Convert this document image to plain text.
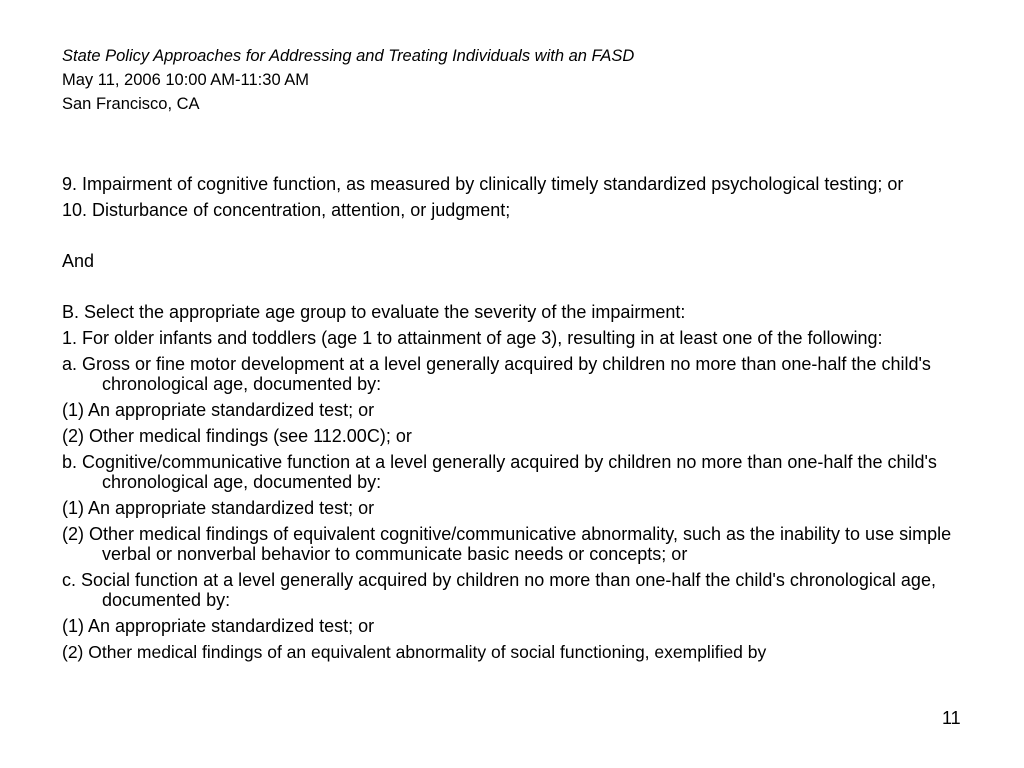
State Policy Approaches for Addressing and Treating Individuals with an FASD
May 11, 2006 10:00 AM-11:30 AM
San Francisco, CA

9. Impairment of cognitive function, as measured by clinically timely standardized psychological testing; or

10. Disturbance of concentration, attention, or judgment;

And

B. Select the appropriate age group to evaluate the severity of the impairment:

1. For older infants and toddlers (age 1 to attainment of age 3), resulting in at least one of the following:

a. Gross or fine motor development at a level generally acquired by children no more than one-half the child's chronological age, documented by:

(1) An appropriate standardized test; or

(2) Other medical findings (see 112.00C); or

b. Cognitive/communicative function at a level generally acquired by children no more than one-half the child's chronological age, documented by:

(1) An appropriate standardized test; or

(2) Other medical findings of equivalent cognitive/communicative abnormality, such as the inability to use simple verbal or nonverbal behavior to communicate basic needs or concepts; or

c. Social function at a level generally acquired by children no more than one-half the child's chronological age, documented by:

(1) An appropriate standardized test; or

(2) Other medical findings of an equivalent abnormality of social functioning, exemplified by

11
